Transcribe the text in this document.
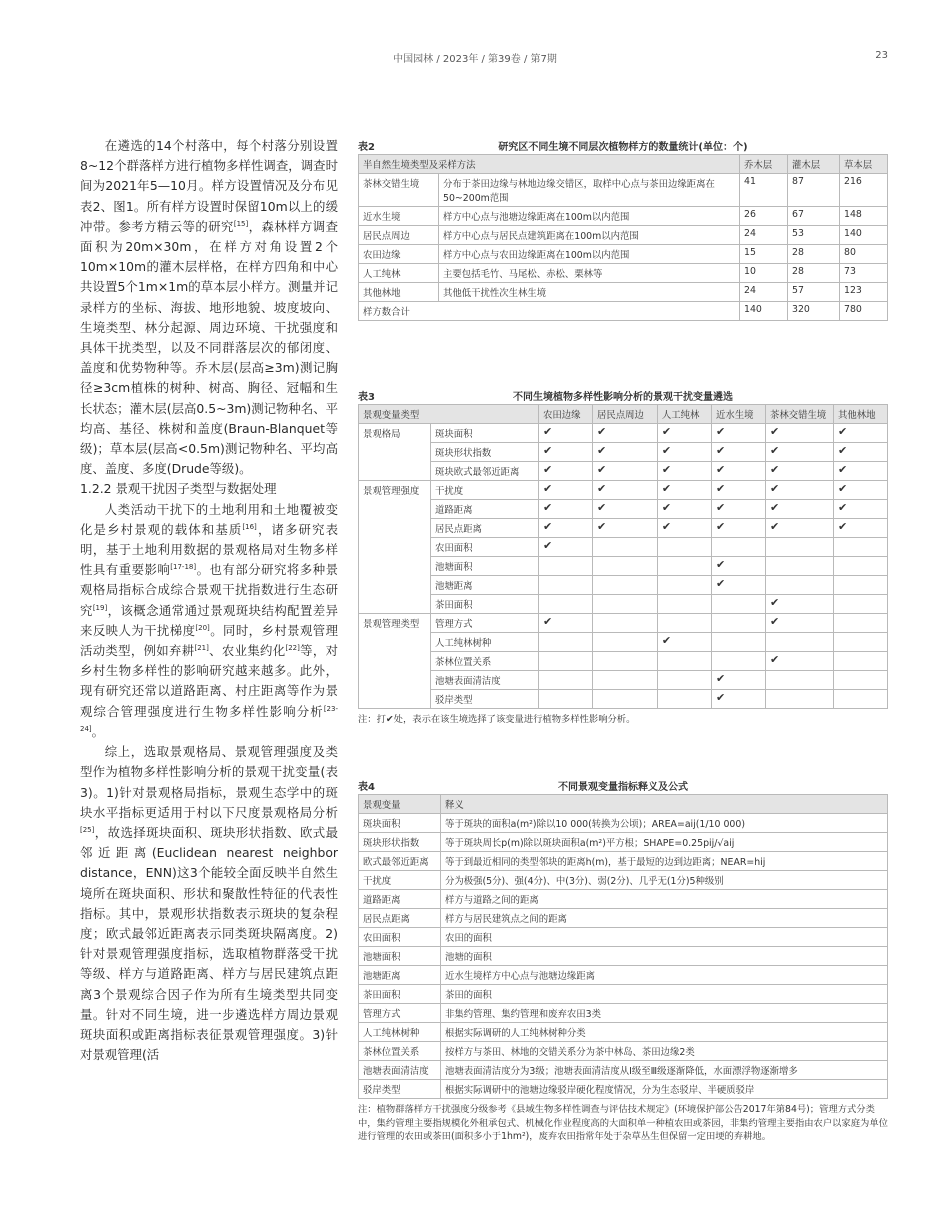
中国园林 / 2023年 / 第39卷 / 第7期	23

在遴选的14个村落中，每个村落分别设置8~12个群落样方进行植物多样性调查，调查时间为2021年5—10月。样方设置情况及分布见表2、图1。所有样方设置时保留10m以上的缓冲带。参考方精云等的研究[15]，森林样方调查面积为20m×30m，在样方对角设置2个10m×10m的灌木层样格，在样方四角和中心共设置5个1m×1m的草本层小样方。测量并记录样方的坐标、海拔、地形地貌、坡度坡向、生境类型、林分起源、周边环境、干扰强度和具体干扰类型，以及不同群落层次的郁闭度、盖度和优势物种等。乔木层(层高≥3m)测记胸径≥3cm植株的树种、树高、胸径、冠幅和生长状态；灌木层(层高0.5~3m)测记物种名、平均高、基径、株树和盖度(Braun-Blanquet等级)；草本层(层高<0.5m)测记物种名、平均高度、盖度、多度(Drude等级)。

1.2.2 景观干扰因子类型与数据处理

人类活动干扰下的土地利用和土地覆被变化是乡村景观的载体和基质[16]，诸多研究表明，基于土地利用数据的景观格局对生物多样性具有重要影响[17-18]。也有部分研究将多种景观格局指标合成综合景观干扰指数进行生态研究[19]，该概念通常通过景观斑块结构配置差异来反映人为干扰梯度[20]。同时，乡村景观管理活动类型，例如弃耕[21]、农业集约化[22]等，对乡村生物多样性的影响研究越来越多。此外，现有研究还常以道路距离、村庄距离等作为景观综合管理强度进行生物多样性影响分析[23-24]。

综上，选取景观格局、景观管理强度及类型作为植物多样性影响分析的景观干扰变量(表3)。1)针对景观格局指标，景观生态学中的斑块水平指标更适用于村以下尺度景观格局分析[25]，故选择斑块面积、斑块形状指数、欧式最邻近距离(Euclidean nearest neighbor distance，ENN)这3个能较全面反映半自然生境所在斑块面积、形状和聚散性特征的代表性指标。其中，景观形状指数表示斑块的复杂程度；欧式最邻近距离表示同类斑块隔离度。2)针对景观管理强度指标，选取植物群落受干扰等级、样方与道路距离、样方与居民建筑点距离3个景观综合因子作为所有生境类型共同变量。针对不同生境，进一步遴选样方周边景观斑块面积或距离指标表征景观管理强度。3)针对景观管理(活

表2	研究区不同生境不同层次植物样方的数量统计(单位：个)
半自然生境类型及采样方法		乔木层	灌木层	草本层
茶林交错生境	分布于茶田边缘与林地边缘交错区，取样中心点与茶田边缘距离在50~200m范围	41	87	216
近水生境	样方中心点与池塘边缘距离在100m以内范围	26	67	148
居民点周边	样方中心点与居民点建筑距离在100m以内范围	24	53	140
农田边缘	样方中心点与农田边缘距离在100m以内范围	15	28	80
人工纯林	主要包括毛竹、马尾松、赤松、栗林等	10	28	73
其他林地	其他低干扰性次生林生境	24	57	123
样方数合计		140	320	780
表3	不同生境植物多样性影响分析的景观干扰变量遴选
景观变量类型		农田边缘	居民点周边	人工纯林	近水生境	茶林交错生境	其他林地
景观格局	斑块面积	✔	✔	✔	✔	✔	✔
	斑块形状指数	✔	✔	✔	✔	✔	✔
	斑块欧式最邻近距离	✔	✔	✔	✔	✔	✔
景观管理强度	干扰度	✔	✔	✔	✔	✔	✔
	道路距离	✔	✔	✔	✔	✔	✔
	居民点距离	✔	✔	✔	✔	✔	✔
	农田面积	✔					
	池塘面积				✔		
	池塘距离				✔		
	茶田面积					✔	
景观管理类型	管理方式	✔				✔	
	人工纯林树种			✔			
	茶林位置关系					✔	
	池塘表面清洁度				✔		
	驳岸类型				✔		
注：打✔处，表示在该生境选择了该变量进行植物多样性影响分析。
表4	不同景观变量指标释义及公式
景观变量	释义
斑块面积	等于斑块的面积a(m²)除以10 000(转换为公顷)；AREA=aij(1/10 000)
斑块形状指数	等于斑块周长p(m)除以斑块面积a(m²)平方根；SHAPE=0.25pij/√aij
欧式最邻近距离	等于到最近相同的类型邻块的距离h(m)，基于最短的边到边距离；NEAR=hij
干扰度	分为极强(5分)、强(4分)、中(3分)、弱(2分)、几乎无(1分)5种级别
道路距离	样方与道路之间的距离
居民点距离	样方与居民建筑点之间的距离
农田面积	农田的面积
池塘面积	池塘的面积
池塘距离	近水生境样方中心点与池塘边缘距离
茶田面积	茶田的面积
管理方式	非集约管理、集约管理和废弃农田3类
人工纯林树种	根据实际调研的人工纯林树种分类
茶林位置关系	按样方与茶田、林地的交错关系分为茶中林岛、茶田边缘2类
池塘表面清洁度	池塘表面清洁度分为3级；池塘表面清洁度从Ⅰ级至Ⅲ级逐渐降低，水面漂浮物逐渐增多
驳岸类型	根据实际调研中的池塘边缘驳岸硬化程度情况，分为生态驳岸、半硬质驳岸
注：植物群落样方干扰强度分级参考《县域生物多样性调查与评估技术规定》(环境保护部公告2017年第84号)；管理方式分类中，集约管理主要指规模化外租承包式、机械化作业程度高的大面积单一种植农田或茶园，非集约管理主要指由农户以家庭为单位进行管理的农田或茶田(面积多小于1hm²)，废弃农田指常年处于杂草丛生但保留一定田埂的弃耕地。
